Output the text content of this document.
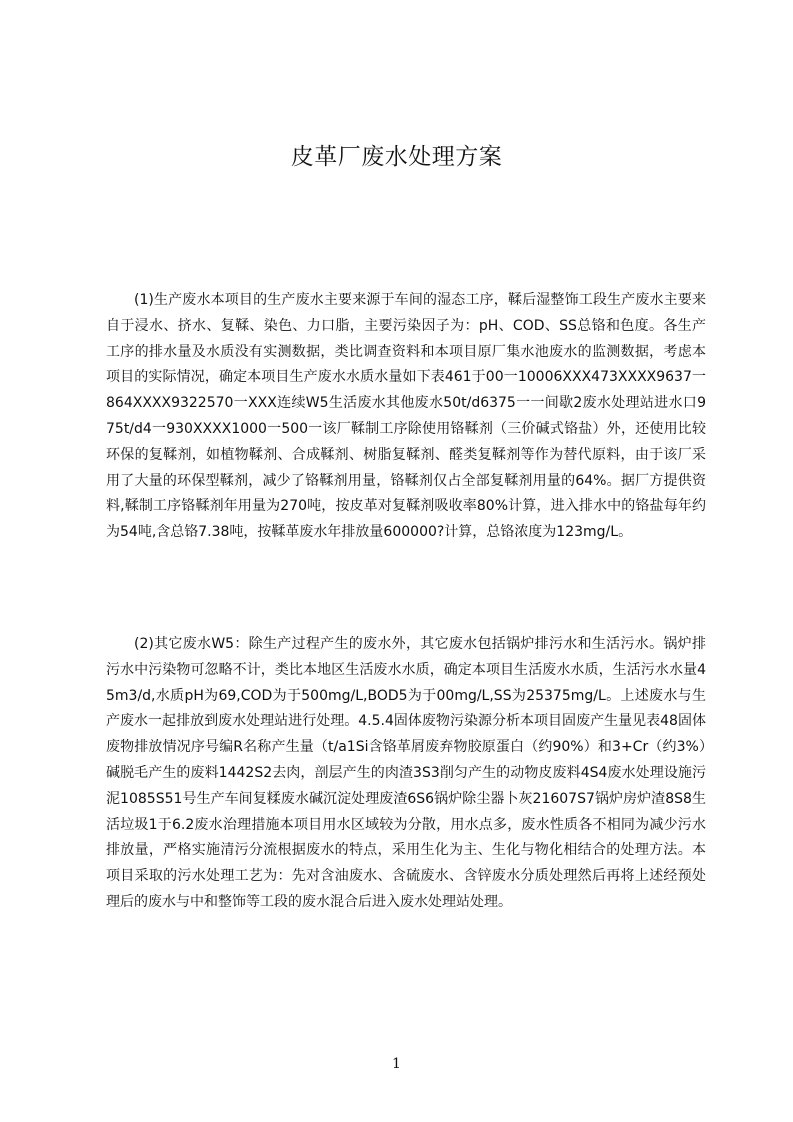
皮革厂废水处理方案

(1)生产废水本项目的生产废水主要来源于车间的湿态工序，鞣后湿整饰工段生产废水主要来自于浸水、挤水、复鞣、染色、力口脂，主要污染因子为：pH、COD、SS总铬和色度。各生产工序的排水量及水质没有实测数据，类比调查资料和本项目原厂集水池废水的监测数据，考虑本项目的实际情况，确定本项目生产废水水质水量如下表461于00一10006XXX473XXXX9637一864XXXX9322570一XXX连续W5生活废水其他废水50t/d6375一一间歇2废水处理站进水口975t/d4一930XXXX1000一500一该厂鞣制工序除使用铬鞣剂（三价碱式铬盐）外，还使用比较环保的复鞣剂，如植物鞣剂、合成鞣剂、树脂复鞣剂、醛类复鞣剂等作为替代原料，由于该厂采用了大量的环保型鞣剂，减少了铬鞣剂用量，铬鞣剂仅占全部复鞣剂用量的64%。据厂方提供资料,鞣制工序铬鞣剂年用量为270吨，按皮革对复鞣剂吸收率80%计算，进入排水中的铬盐每年约为54吨,含总铬7.38吨，按鞣革废水年排放量600000?计算，总铬浓度为123mg/L。

(2)其它废水W5：除生产过程产生的废水外，其它废水包括锅炉排污水和生活污水。锅炉排污水中污染物可忽略不计，类比本地区生活废水水质，确定本项目生活废水水质，生活污水水量45m3/d,水质pH为69,COD为于500mg/L,BOD5为于00mg/L,SS为25375mg/L。上述废水与生产废水一起排放到废水处理站进行处理。4.5.4固体废物污染源分析本项目固废产生量见表48固体废物排放情况序号编R名称产生量（t/a1Si含铬革屑废弃物胶原蛋白（约90%）和3+Cr（约3%）碱脱毛产生的废料1442S2去肉，剖层产生的肉渣3S3削匀产生的动物皮废料4S4废水处理设施污泥1085S51号生产车间复糅废水碱沉淀处理废渣6S6锅炉除尘器卜灰21607S7锅炉房炉渣8S8生活垃圾1于6.2废水治理措施本项目用水区域较为分散，用水点多，废水性质各不相同为减少污水排放量，严格实施清污分流根据废水的特点，采用生化为主、生化与物化相结合的处理方法。本项目采取的污水处理工艺为：先对含油废水、含硫废水、含锌废水分质处理然后再将上述经预处理后的废水与中和整饰等工段的废水混合后进入废水处理站处理。

1
